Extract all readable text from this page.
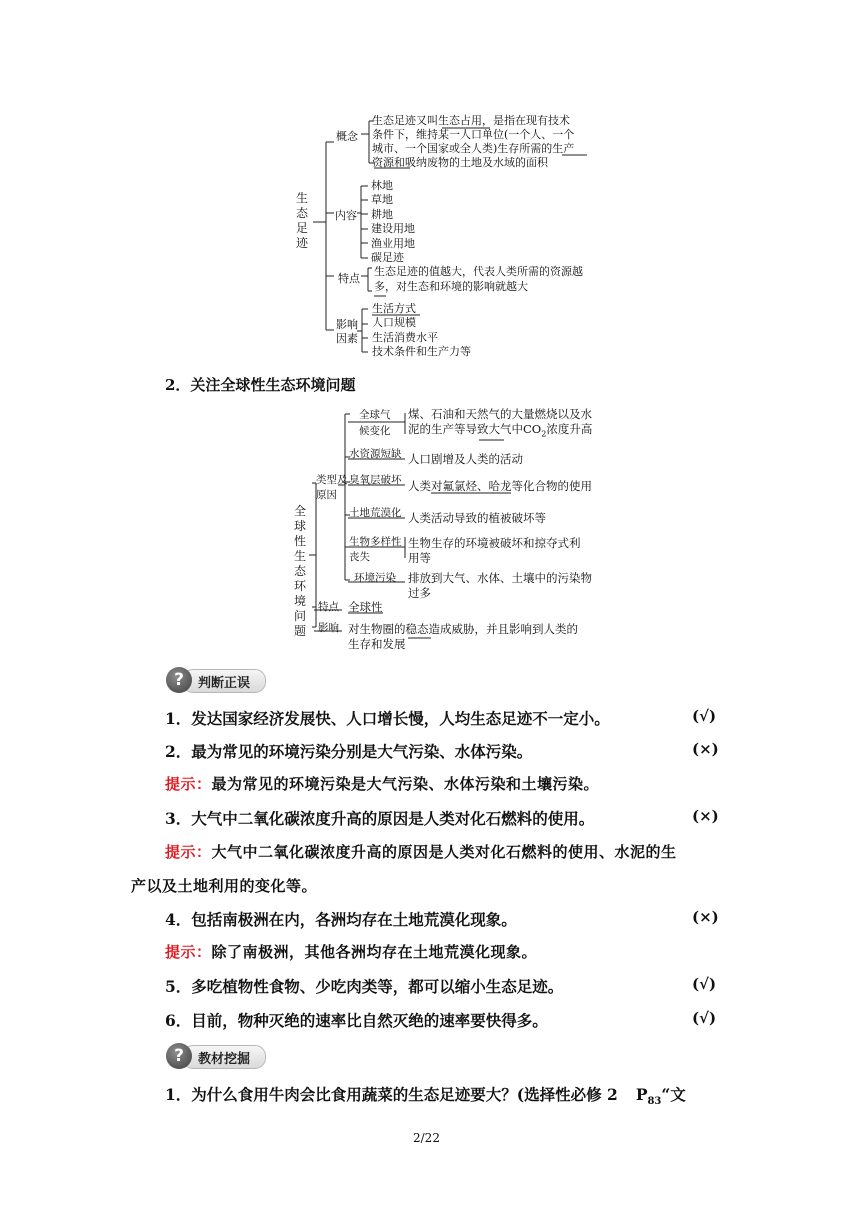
生
态
足
迹
概念
生态足迹又叫生态占用，是指在现有技术
条件下，维持某一人口单位(一个人、一个
城市、一个国家或全人类)生存所需的生产
资源和吸纳废物的土地及水域的面积
内容
林地
草地
耕地
建设用地
渔业用地
碳足迹
特点
生态足迹的值越大，代表人类所需的资源越
多，对生态和环境的影响就越大
影响
因素
生活方式
人口规模
生活消费水平
技术条件和生产力等
2．关注全球性生态环境问题
全
球
性
生
态
环
境
问
题
类型及
原因
全球气
候变化
煤、石油和天然气的大量燃烧以及水
泥的生产等导致大气中$CO_2$浓度升高
水资源短缺 人口剧增及人类的活动
臭氧层破坏 人类对氟氯烃、哈龙等化合物的使用
土地荒漠化 人类活动导致的植被破坏等
生物多样性
丧失
生物生存的环境被破坏和掠夺式利
用等
环境污染 排放到大气、水体、土壤中的污染物
过多
特点 全球性
影响 对生物圈的稳态造成威胁，并且影响到人类的
生存和发展
?	判断正误
1．发达国家经济发展快、人口增长慢，人均生态足迹不一定小。	(√)
2．最为常见的环境污染分别是大气污染、水体污染。	(×)
提示：最为常见的环境污染是大气污染、水体污染和土壤污染。
3．大气中二氧化碳浓度升高的原因是人类对化石燃料的使用。	(×)
提示：大气中二氧化碳浓度升高的原因是人类对化石燃料的使用、水泥的生
产以及土地利用的变化等。
4．包括南极洲在内，各洲均存在土地荒漠化现象。	(×)
提示：除了南极洲，其他各洲均存在土地荒漠化现象。
5．多吃植物性食物、少吃肉类等，都可以缩小生态足迹。	(√)
6．目前，物种灭绝的速率比自然灭绝的速率要快得多。	(√)
?	教材挖掘
1．为什么食用牛肉会比食用蔬菜的生态足迹要大？(选择性必修 2 $P_{83}“$文
2/22
